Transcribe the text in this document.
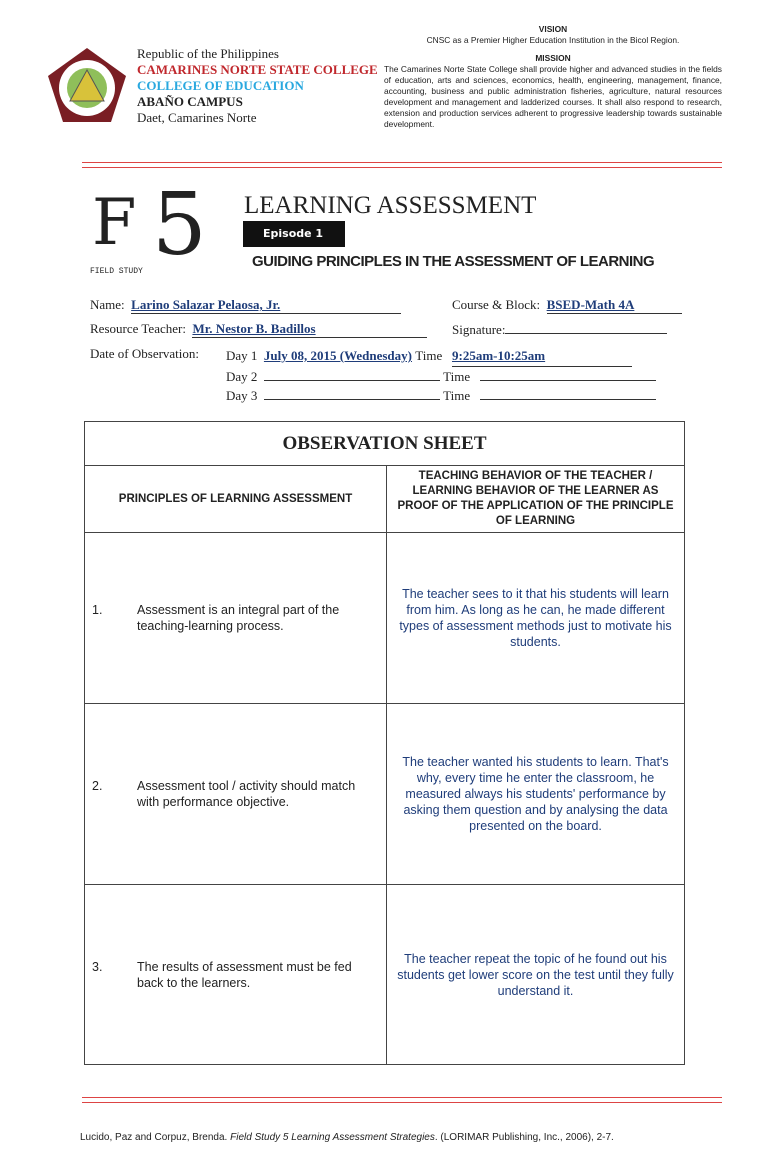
Republic of the Philippines
CAMARINES NORTE STATE COLLEGE
COLLEGE OF EDUCATION
ABAÑO CAMPUS
Daet, Camarines Norte
VISION
CNSC as a Premier Higher Education Institution in the Bicol Region.
MISSION
The Camarines Norte State College shall provide higher and advanced studies in the fields of education, arts and sciences, economics, health, engineering, management, finance, accounting, business and public administration fisheries, agriculture, natural resources development and management and ladderized courses. It shall also respond to research, extension and production services adherent to progressive leadership towards sustainable development.
F 5
FIELD STUDY
LEARNING ASSESSMENT
Episode 1
GUIDING PRINCIPLES IN THE ASSESSMENT OF LEARNING
Name: Larino Salazar Pelaosa, Jr.	Course & Block: BSED-Math 4A
Resource Teacher: Mr. Nestor B. Badillos	Signature:
Date of Observation: Day 1 July 08, 2015 (Wednesday) Time 9:25am-10:25am
Day 2	Time
Day 3	Time
OBSERVATION SHEET	
PRINCIPLES OF LEARNING ASSESSMENT	TEACHING BEHAVIOR OF THE TEACHER / LEARNING BEHAVIOR OF THE LEARNER AS PROOF OF THE APPLICATION OF THE PRINCIPLE OF LEARNING
1. Assessment is an integral part of the teaching-learning process.	The teacher sees to it that his students will learn from him. As long as he can, he made different types of assessment methods just to motivate his students.
2. Assessment tool / activity should match with performance objective.	The teacher wanted his students to learn. That's why, every time he enter the classroom, he measured always his students' performance by asking them question and by analysing the data presented on the board.
3. The results of assessment must be fed back to the learners.	The teacher repeat the topic of he found out his students get lower score on the test until they fully understand it.
Lucido, Paz and Corpuz, Brenda. Field Study 5 Learning Assessment Strategies. (LORIMAR Publishing, Inc., 2006), 2-7.
